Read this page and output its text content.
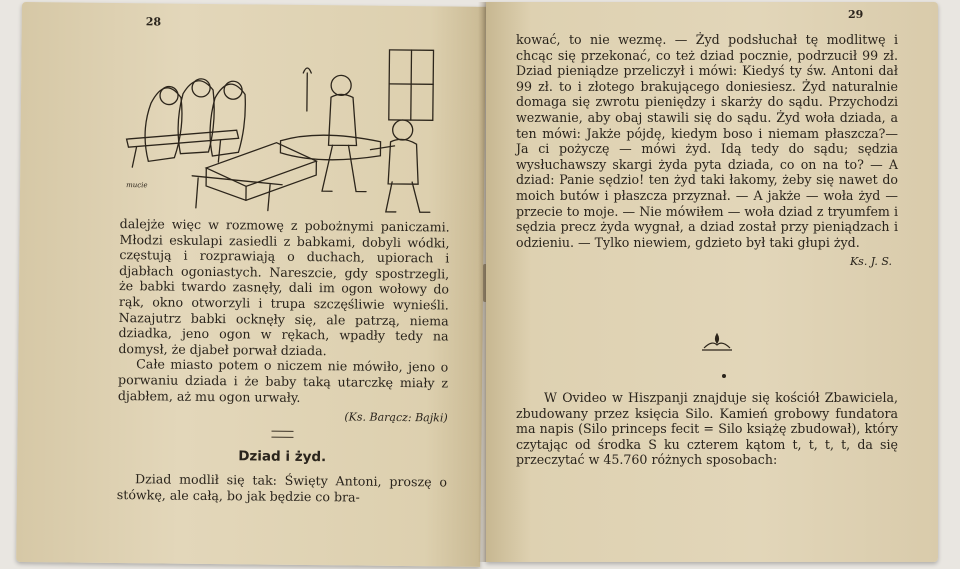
28
mucie

dalejże więc w rozmowę z pobożnymi paniczami. Młodzi eskulapi zasiedli z babkami, dobyli wódki, częstują i rozprawiają o duchach, upiorach i djabłach ogoniastych. Nareszcie, gdy spostrzegli, że babki twardo zasnęły, dali im ogon wołowy do rąk, okno otworzyli i trupa szczęśliwie wynieśli. Nazajutrz babki ocknęły się, ale patrzą, niema dziadka, jeno ogon w rękach, wpadły tedy na domysł, że djabeł porwał dziada.

Całe miasto potem o niczem nie mówiło, jeno o porwaniu dziada i że baby taką utarczkę miały z djabłem, aż mu ogon urwały.

(Ks. Barącz: Bajki)
Dziad i żyd.

Dziad modlił się tak: Święty Antoni, proszę o stówkę, ale całą, bo jak będzie co bra-

29

kować, to nie wezmę. — Żyd podsłuchał tę modlitwę i chcąc się przekonać, co też dziad pocznie, podrzucił 99 zł. Dziad pieniądze przeliczył i mówi: Kiedyś ty św. Antoni dał 99 zł. to i złotego brakującego doniesiesz. Żyd naturalnie domaga się zwrotu pieniędzy i skarży do sądu. Przychodzi wezwanie, aby obaj stawili się do sądu. Żyd woła dziada, a ten mówi: Jakże pójdę, kiedym boso i niemam płaszcza?— Ja ci pożyczę — mówi żyd. Idą tedy do sądu; sędzia wysłuchawszy skargi żyda pyta dziada, co on na to? — A dziad: Panie sędzio! ten żyd taki łakomy, żeby się nawet do moich butów i płaszcza przyznał. — A jakże — woła żyd — przecie to moje. — Nie mówiłem — woła dziad z tryumfem i sędzia precz żyda wygnał, a dziad został przy pieniądzach i odzieniu. — Tylko niewiem, gdzieto był taki głupi żyd.

Ks. J. S.

W Ovideo w Hiszpanji znajduje się kościół Zbawiciela, zbudowany przez księcia Silo. Kamień grobowy fundatora ma napis (Silo princeps fecit = Silo książę zbudował), który czytając od środka S ku czterem kątom t, t, t, t, da się przeczytać w 45.760 różnych sposobach:
